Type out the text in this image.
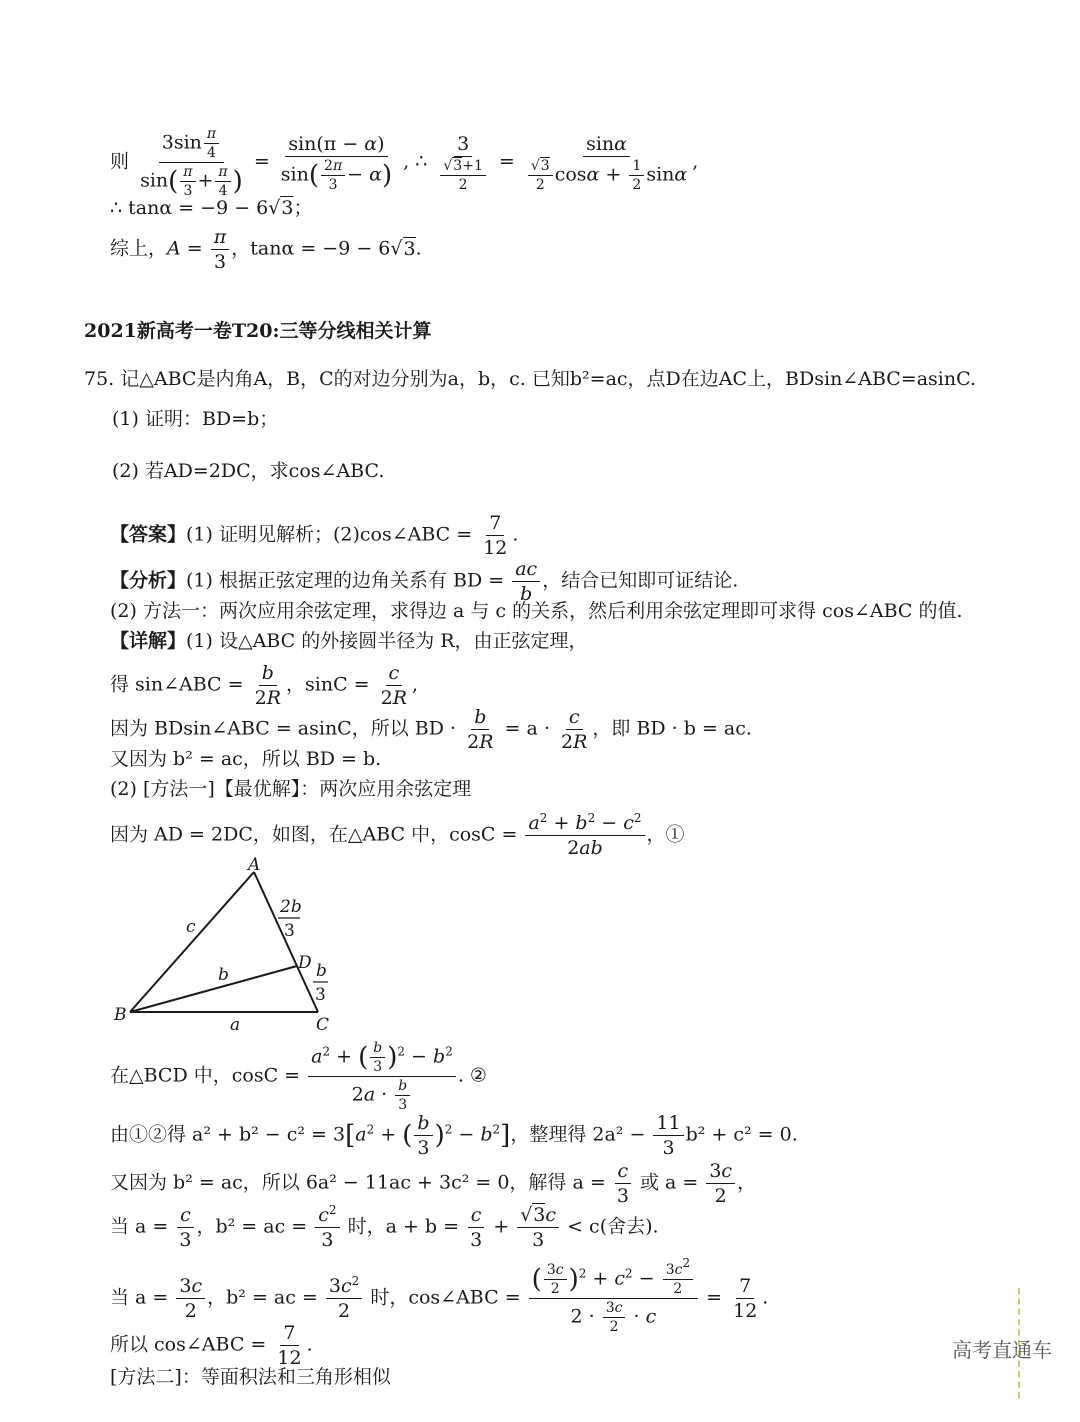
则 $\frac{3\sin \frac{\pi}{4}}{\sin( \frac{\pi}{3} + \frac{\pi}{4} )} = \frac{\sin(\pi - \alpha)}{\sin( \frac{2\pi}{3} - \alpha)}$ , ∴ $\frac{3}{\frac{√3+1}{2}} = \frac{\sin\alpha}{\frac{√3}{2} \cos\alpha + \frac{1}{2} \sin\alpha}$ ,
∴ tanα = −9 − 6√3；
综上，$A = \frac{\pi}{3}$ ，tanα = −9 − 6√3.
2021新高考一卷T20:三等分线相关计算
75. 记△ABC是内角A，B，C的对边分别为a，b，c. 已知b²=ac，点D在边AC上，BDsin∠ABC=asinC.
(1) 证明：BD=b；
(2) 若AD=2DC，求cos∠ABC.
【答案】(1) 证明见解析；(2)cos∠ABC = $\frac{7}{12}$ .
【分析】(1) 根据正弦定理的边角关系有 BD = $\frac{ac}{b}$ ，结合已知即可证结论.
(2) 方法一：两次应用余弦定理，求得边 a 与 c 的关系，然后利用余弦定理即可求得 cos∠ABC 的值.
【详解】(1) 设△ABC 的外接圆半径为 R，由正弦定理，
得 sin∠ABC = $\frac{b}{2R}$ ，$\sin C = \frac{c}{2R}$ ,
因为 BDsin∠ABC = asinC，所以 BD · $\frac{b}{2R} = a \cdot \frac{c}{2R}$ ，即 BD · b = ac.
又因为 b² = ac，所以 BD = b.
(2) [方法一]【最优解】：两次应用余弦定理
因为 AD = 2DC，如图，在△ABC 中，$\cos C = \frac{a^2 + b^2 - c^2}{2ab}$ ，①
A
B	C
D
c
b
a
2b
3
b
3
在△BCD 中，$\cos C = \frac{a^2 + ( \frac{b}{3} )^2 - b^2}{2a \cdot \frac{b}{3}}$ . ②
由①②得 $a^2 + b^2 - c^2 = 3[a^2$ + ( $\frac{b}{3} )^2 - b^2$]，整理得 $2a^2 - \frac{11}{3} b^2 + c^2 = 0$.
又因为 b² = ac，所以 6a² − 11ac + 3c² = 0，解得 $a = \frac{c}{3}$ 或 $a = \frac{3c}{2}$ ，
当 $a = \frac{c}{3}$ ，b² = ac = $\frac{c^2}{3}$ 时，$a + b = \frac{c}{3} + \frac{√3c}{3} < c$(舍去).
当 $a = \frac{3c}{2}$ ，b² = ac = $\frac{3c^2}{2}$ 时，cos∠ABC = $\frac{( \frac{3c}{2} )^2 + c^2 - \frac{3c^2}{2}}{2 \cdot \frac{3c}{2} \cdot c} = \frac{7}{12}$ .
所以 cos∠ABC = $\frac{7}{12}$ .
[方法二]：等面积法和三角形相似
高考直通车
